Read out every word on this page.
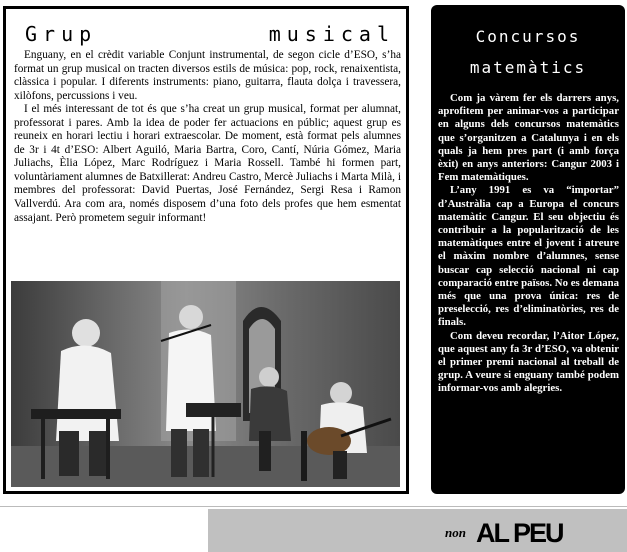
Grup	musical

Enguany, en el crèdit variable Conjunt instrumental, de segon cicle d’ESO, s’ha format un grup musical on tracten diversos estils de música: pop, rock, renaixentista, clàssica i popular. I diferents instruments: piano, guitarra, flauta dolça i travessera, xilòfons, percussions i veu.

I el més interessant de tot és que s’ha creat un grup musical, format per alumnat, professorat i pares. Amb la idea de poder fer actuacions en públic; aquest grup es reuneix en horari lectiu i horari extraescolar. De moment, està format pels alumnes de 3r i 4t d’ESO: Albert Aguiló, Maria Bartra, Coro, Cantí, Núria Gómez, Maria Juliachs, Èlia López, Marc Rodríguez i Maria Rossell. També hi formen part, voluntàriament alumnes de Batxillerat: Andreu Castro, Mercè Juliachs i Marta Milà, i membres del professorat: David Puertas, José Fernández, Sergi Resa i Ramon Vallverdú. Ara com ara, només disposem d’una foto dels profes que hem esmentat assajant. Però prometem seguir informant!

Concursos
matemàtics

Com ja vàrem fer els darrers anys, aprofitem per animar-vos a participar en alguns dels concursos matemàtics que s’organitzen a Catalunya i en els quals ja hem pres part (i amb força èxit) en anys anteriors: Cangur 2003 i Fem matemàtiques.

L’any 1991 es va “importar” d’Austràlia cap a Europa el concurs matemàtic Cangur. El seu objectiu és contribuir a la popularització de les matemàtiques entre el jovent i atreure el màxim nombre d’alumnes, sense buscar cap selecció nacional ni cap comparació entre països. No es demana més que una prova única: res de preselecció, res d’eliminatòries, res de finals.

Com deveu recordar, l’Aitor López, que aquest any fa 3r d’ESO, va obtenir el primer premi nacional al treball de grup. A veure si enguany també podem informar-vos amb alegries.

non AL PEU
